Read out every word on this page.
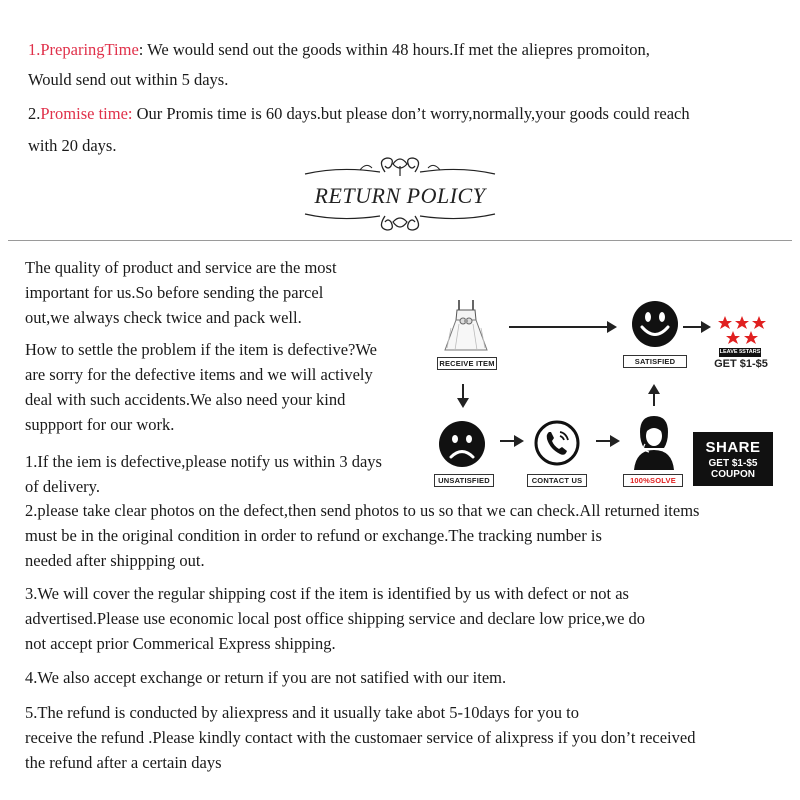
1.PreparingTime: We would send out the goods within 48 hours.If met the aliepres promoiton,
Would send out within 5 days.
2.Promise time: Our Promis time is 60 days.but please don’t worry,normally,your goods could reach
with 20 days.
RETURN POLICY
The quality of product and service are the most
important for us.So before sending the parcel
out,we always check twice and pack well.
How to settle the problem if the item is defective?We
are sorry for the defective items and we will actively
deal with such accidents.We also need your kind
suppport for our work.
1.If the iem is defective,please notify us within 3 days
of delivery.
2.please take clear photos on the defect,then send photos to us so that we can check.All returned items
must be in the original condition in order to refund or exchange.The tracking number is
needed after shippping out.
3.We will cover the regular shipping cost if the item is identified by us with defect or not as
advertised.Please use economic local post office shipping service and declare low price,we do
not accept prior Commerical Express shipping.
4.We also accept exchange or return if you are not satified with our item.
5.The refund is conducted by aliexpress and it usually take abot 5-10days for you to
receive the refund .Please kindly contact with the customaer service of alixpress if you don’t received
the refund after a certain days
RECEIVE ITEM	SATISFIED
LEAVE 5STARS
GET $1-$5
UNSATISFIED	CONTACT US	100%SOLVE
SHARE
GET $1-$5
COUPON
